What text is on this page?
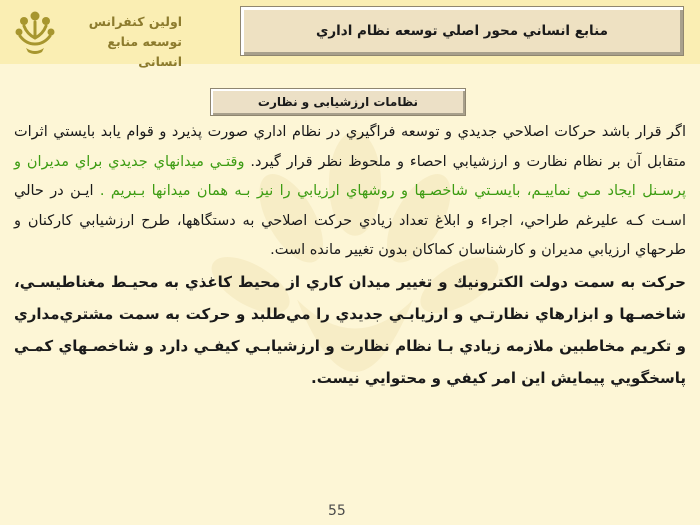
اولین کنفرانس
توسعه منابع انسانی
منابع انساني محور اصلي توسعه نظام اداري
نظامات ارزشيابی و نظارت

اگر قرار باشد حركات اصلاحي جديدي و توسعه فراگيري در نظام اداري صورت پذيرد و قوام يابد بايستي اثرات متقابل آن بر نظام نظارت و ارزشيابي احصاء و ملحوظ نظر قرار گيرد. وقتـي ميدانهاي جديدي براي مديران و پرسـنل ايجاد مـي نماييـم، بايسـتي شاخصـها و روشهاي ارزيابي را نيز بـه همان ميدانها بـبريم . ايـن در حالي اسـت كـه عليرغم طراحي، اجراء و ابلاغ تعداد زيادي حركت اصلاحي به دستگاهها، طرح ارزشيابي كاركنان و طرحهاي ارزيابي مديران و كارشناسان كماكان بدون تغيير مانده است.

حركت به سمت دولت الكترونيك و تغيير ميدان كاري از محيط كاغذي به محيـط مغناطيسـي، شاخصـها و ابزارهاي نظارتـي و ارزيابـي جديدي را مي‌طلبد و حركت به سمت مشتري‌مداري و تكريم مخاطبين ملازمه زيادي بـا نظام نظارت و ارزشيابـي كيفـي دارد و شاخصـهاي كمـي پاسخگويي پيمايش اين امر كيفي و محتوايي نيست.

55
